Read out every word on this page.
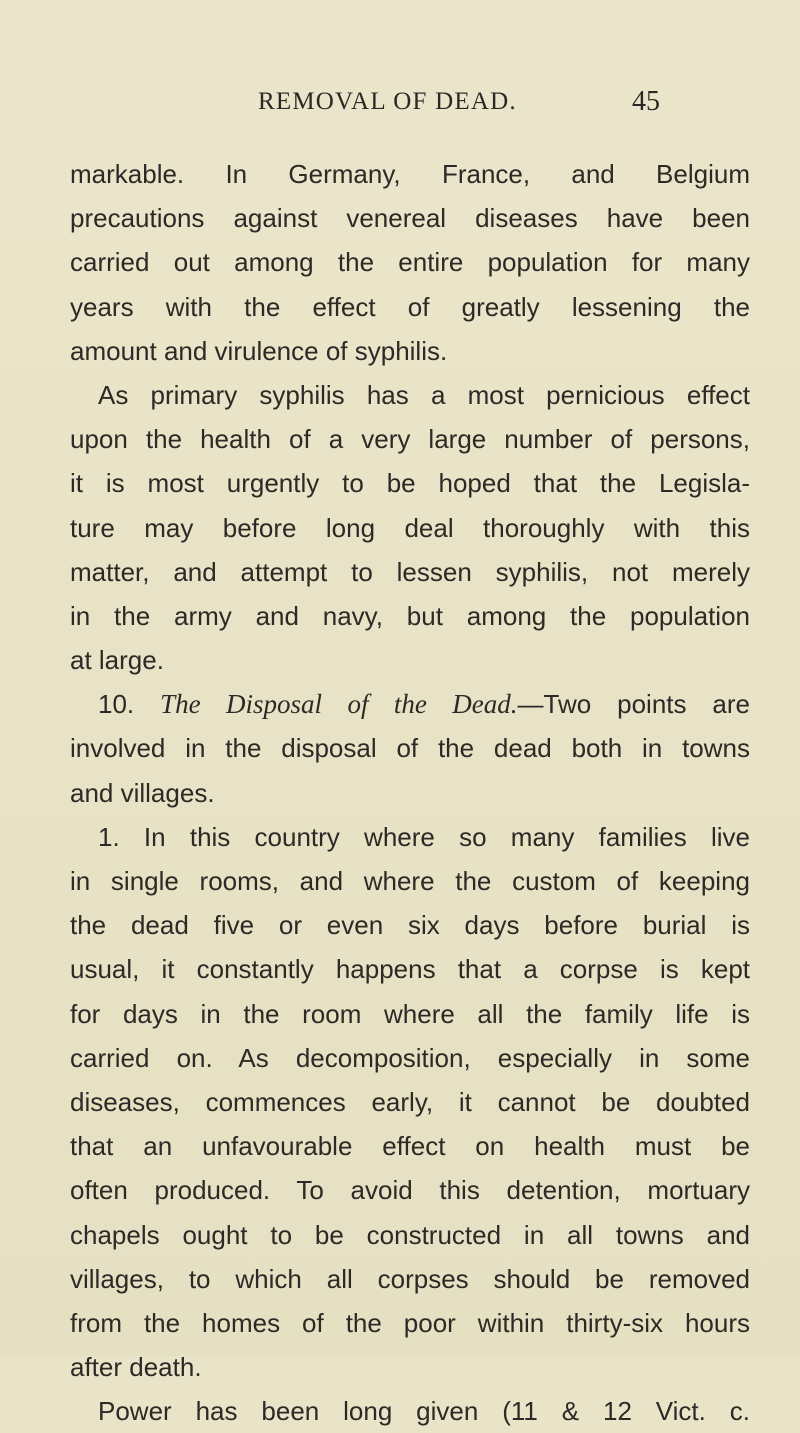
REMOVAL OF DEAD.	45
markable. In Germany, France, and Belgium
precautions against venereal diseases have been
carried out among the entire population for many
years with the effect of greatly lessening the
amount and virulence of syphilis.
As primary syphilis has a most pernicious effect
upon the health of a very large number of persons,
it is most urgently to be hoped that the Legisla-
ture may before long deal thoroughly with this
matter, and attempt to lessen syphilis, not merely
in the army and navy, but among the population
at large.
10. The Disposal of the Dead.—Two points are
involved in the disposal of the dead both in towns
and villages.
1. In this country where so many families live
in single rooms, and where the custom of keeping
the dead five or even six days before burial is
usual, it constantly happens that a corpse is kept
for days in the room where all the family life is
carried on. As decomposition, especially in some
diseases, commences early, it cannot be doubted
that an unfavourable effect on health must be
often produced. To avoid this detention, mortuary
chapels ought to be constructed in all towns and
villages, to which all corpses should be removed
from the homes of the poor within thirty-six hours
after death.
Power has been long given (11 & 12 Vict. c.
